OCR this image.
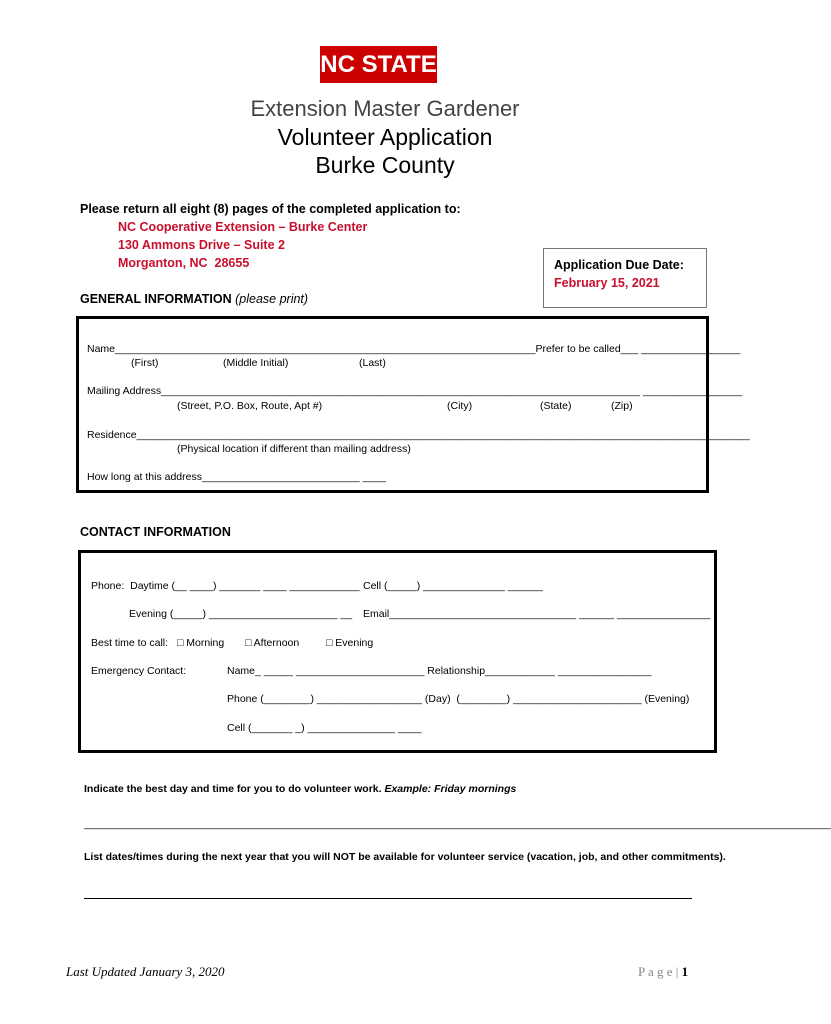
NC STATE
Extension Master Gardener
Volunteer Application
Burke County
Please return all eight (8) pages of the completed application to:
NC Cooperative Extension – Burke Center
130 Ammons Drive – Suite 2
Morganton, NC  28655	Application Due Date:
February 15, 2021
GENERAL INFORMATION (please print)
Name________________________________________________________________________Prefer to be called___ _________________
(First)	(Middle Initial)	(Last)
Mailing Address__________________________________________________________________________________ _________________
(Street, P.O. Box, Route, Apt #)	(City)	(State)	(Zip)
Residence_________________________________________________________________________________________________________
(Physical location if different than mailing address)
How long at this address___________________________ ____
CONTACT INFORMATION
Phone:  Daytime (__ ____) _______ ____ ____________ Cell (_____) ______________ ______
Evening (_____) ______________________ __ Email________________________________ ______ ________________
Best time to call: □ Morning □ Afternoon	□ Evening
Emergency Contact:	Name_ _____ ______________________ Relationship____________ ________________
Phone (________) __________________ (Day)  (________) ______________________ (Evening)
Cell (_______ _) _______________ ____
Indicate the best day and time for you to do volunteer work. Example: Friday mornings
________________________________________________________________________________________________________________________________
List dates/times during the next year that you will NOT be available for volunteer service (vacation, job, and other commitments).
Last Updated January 3, 2020	P a g e | 1
